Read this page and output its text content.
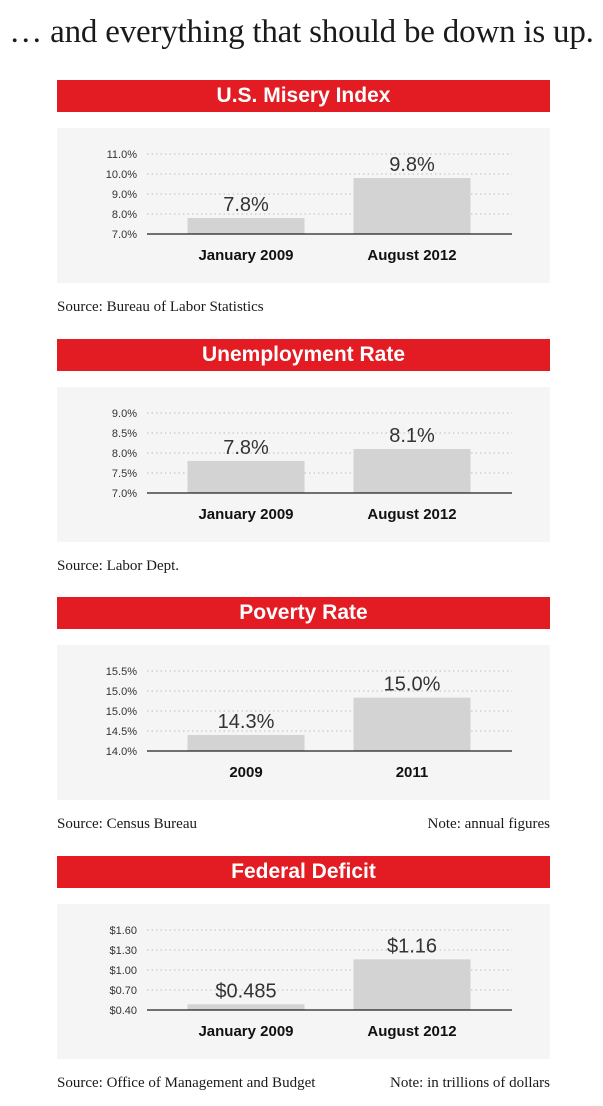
… and everything that should be down is up.
U.S. Misery Index
7.0%
8.0%
9.0%
10.0%
11.0%
7.8%
January 2009
9.8%
August 2012
Source: Bureau of Labor Statistics
Unemployment Rate
7.0%
7.5%
8.0%
8.5%
9.0%
7.8%
January 2009
8.1%
August 2012
Source: Labor Dept.
Poverty Rate
14.0%
14.5%
15.0%
15.0%
15.5%
14.3%
2009
15.0%
2011
Source: Census Bureau	Note: annual figures
Federal Deficit
$0.40
$0.70
$1.00
$1.30
$1.60
$0.485
January 2009
$1.16
August 2012
Source: Office of Management and Budget	Note: in trillions of dollars
